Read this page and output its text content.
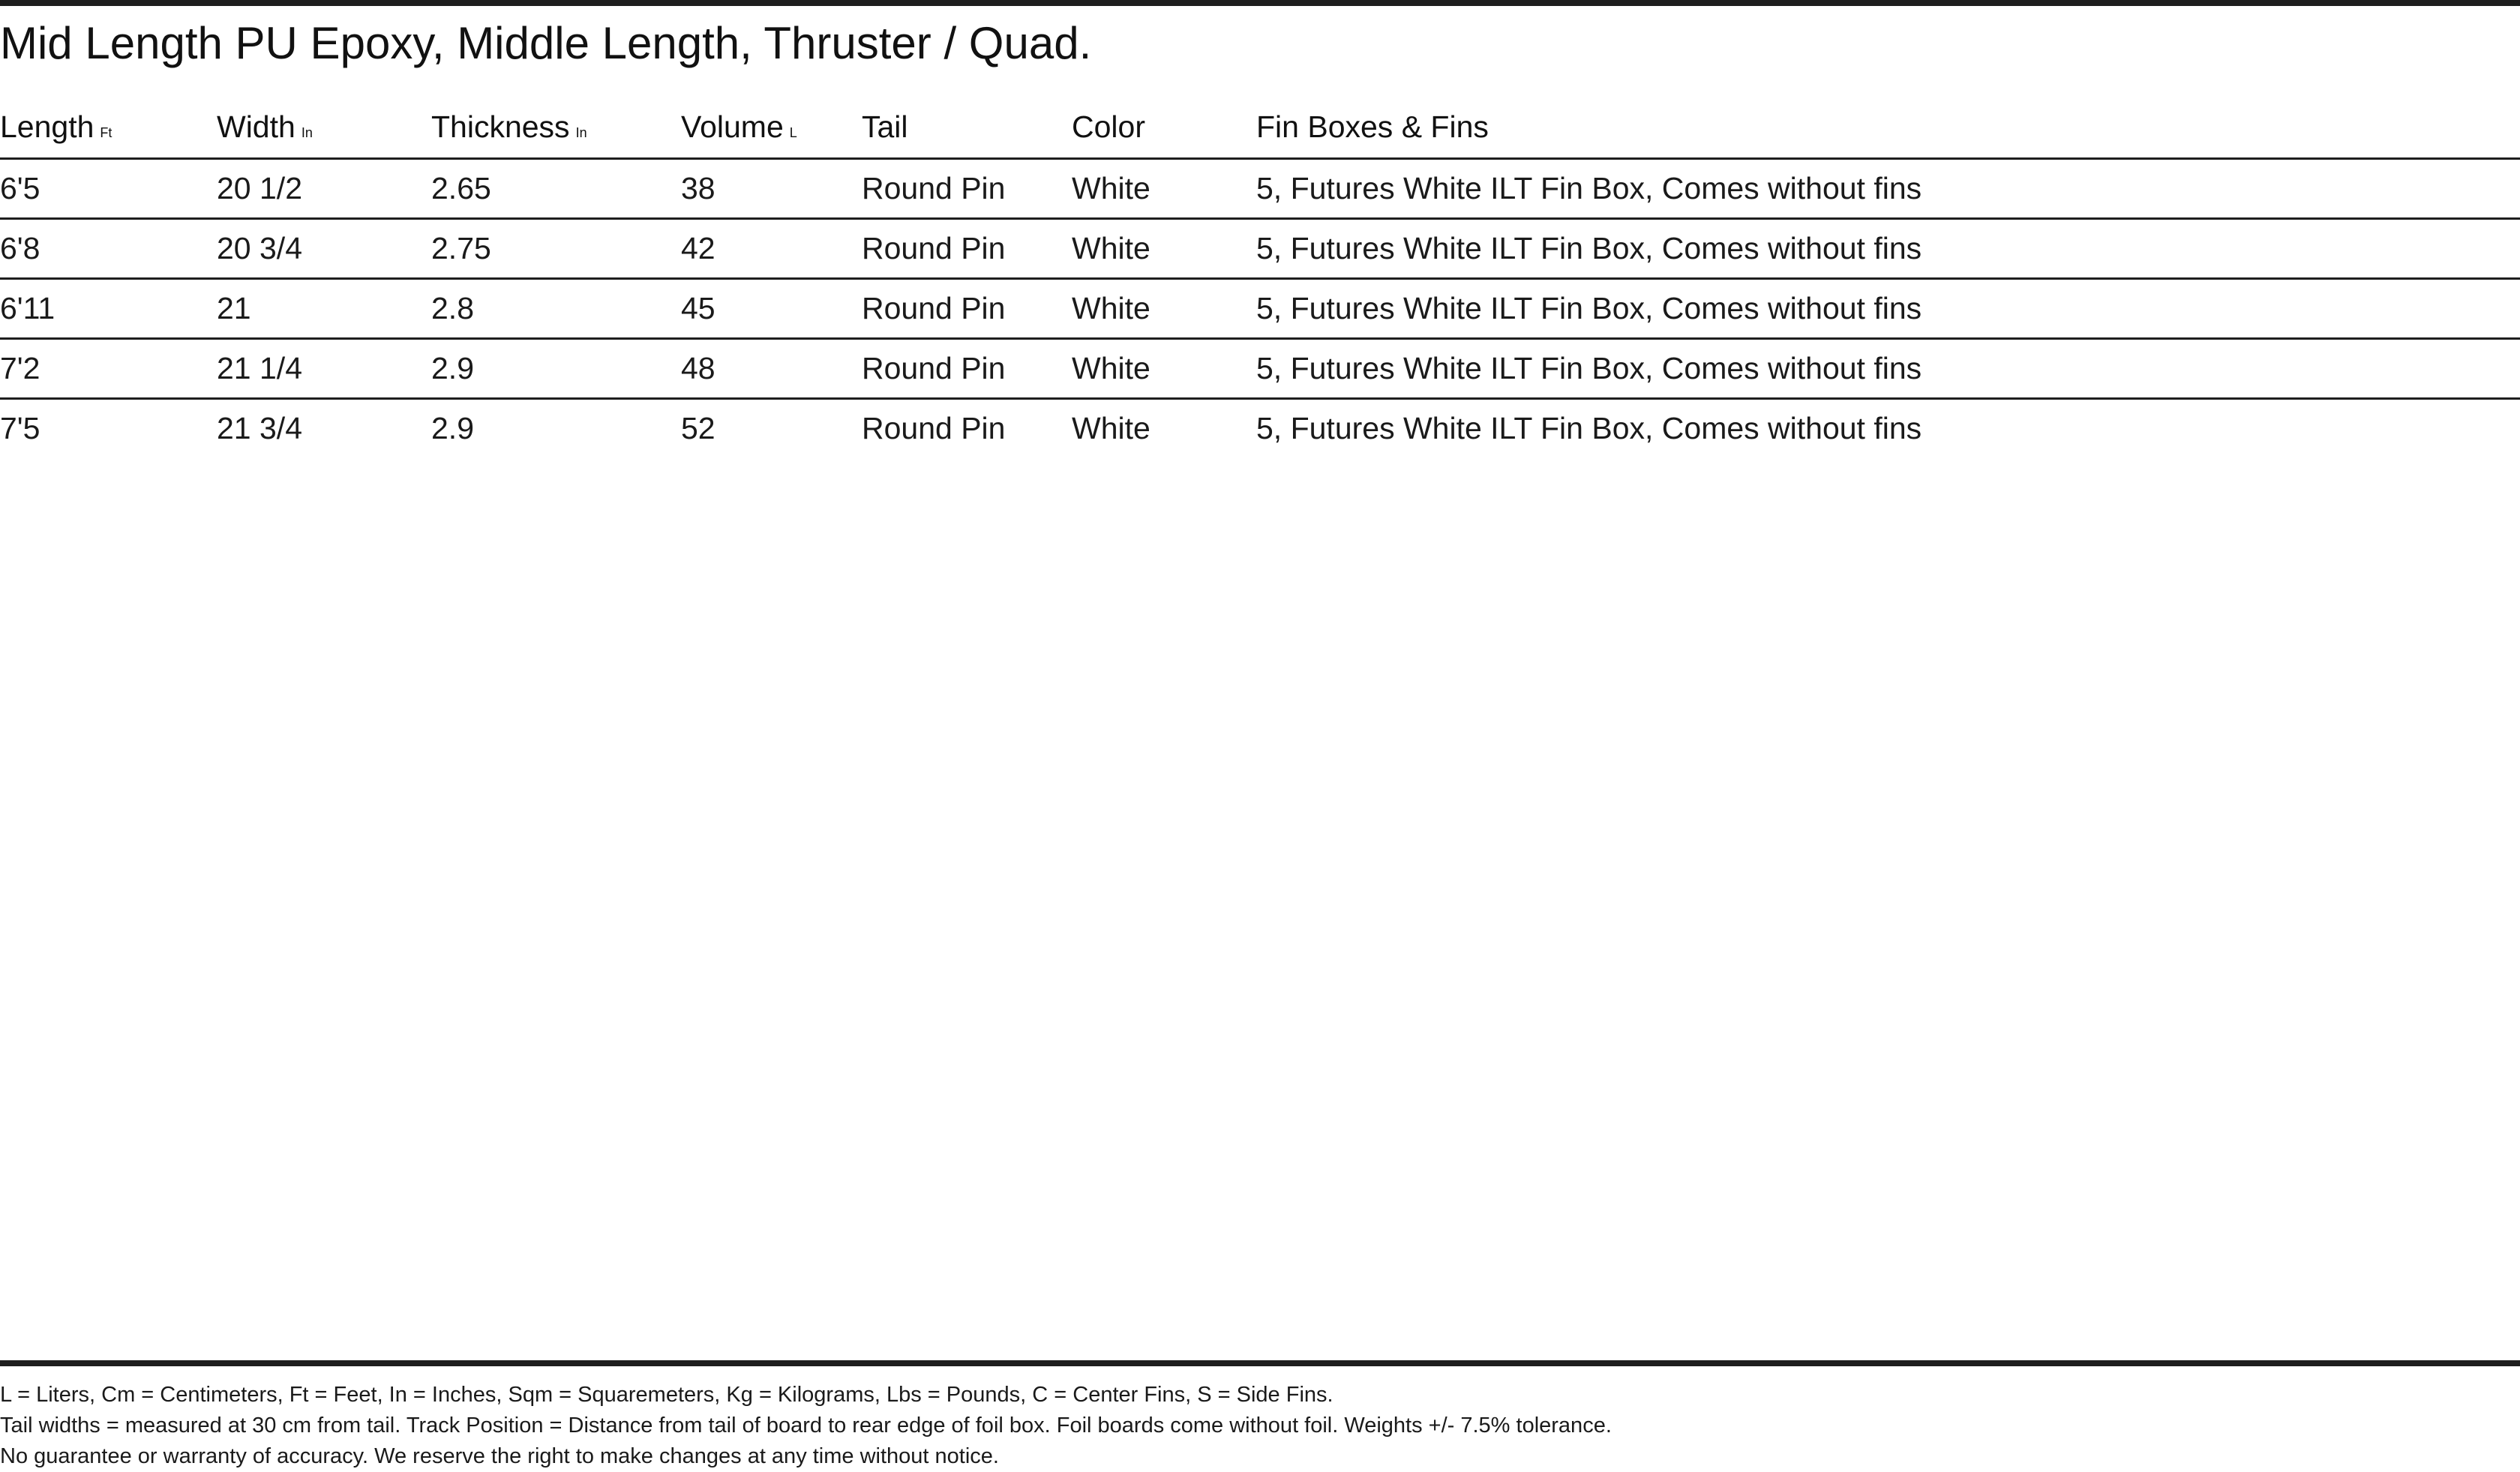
Mid Length PU Epoxy, Middle Length, Thruster / Quad.
Length Ft	Width In	Thickness In	Volume L	Tail	Color	Fin Boxes & Fins
6'5	20 1/2	2.65	38	Round Pin	White	5, Futures White ILT Fin Box, Comes without fins
6'8	20 3/4	2.75	42	Round Pin	White	5, Futures White ILT Fin Box, Comes without fins
6'11	21	2.8	45	Round Pin	White	5, Futures White ILT Fin Box, Comes without fins
7'2	21 1/4	2.9	48	Round Pin	White	5, Futures White ILT Fin Box, Comes without fins
7'5	21 3/4	2.9	52	Round Pin	White	5, Futures White ILT Fin Box, Comes without fins
L = Liters, Cm = Centimeters, Ft = Feet, In = Inches, Sqm = Squaremeters, Kg = Kilograms, Lbs = Pounds, C = Center Fins, S = Side Fins.
Tail widths = measured at 30 cm from tail. Track Position = Distance from tail of board to rear edge of foil box. Foil boards come without foil. Weights +/- 7.5% tolerance.
No guarantee or warranty of accuracy. We reserve the right to make changes at any time without notice.
